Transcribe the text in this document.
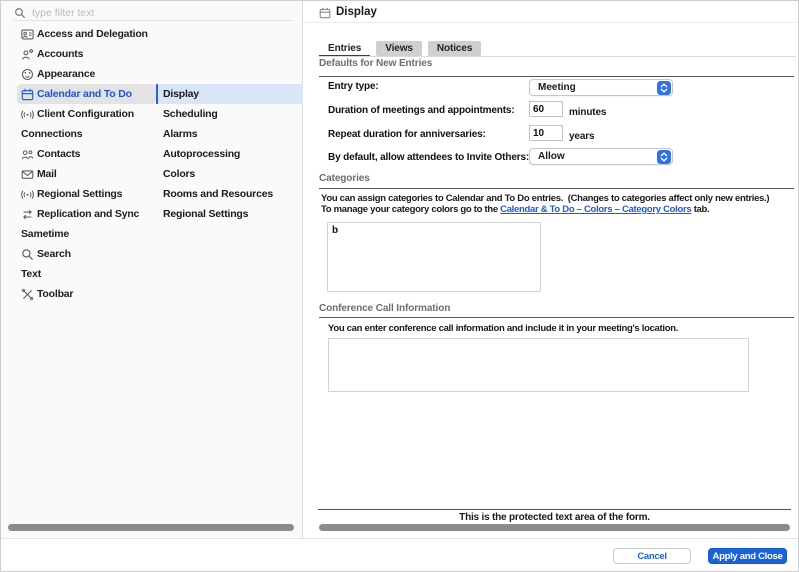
type filter text
Access and Delegation
Accounts
Appearance
Calendar and To Do
Client Configuration
Connections
Contacts
Mail
Regional Settings
Replication and Sync
Sametime
Search
Text
Toolbar
Display
Scheduling
Alarms
Autoprocessing
Colors
Rooms and Resources
Regional Settings
Display
Entries	Views	Notices
Defaults for New Entries
Entry type:	Meeting
Duration of meetings and appointments:
60	minutes
Repeat duration for anniversaries:
10	years
By default, allow attendees to Invite Others: Allow
Categories
You can assign categories to Calendar and To Do entries.  (Changes to categories affect only new entries.)
To manage your category colors go to the Calendar & To Do – Colors – Category Colors tab.
b
Conference Call Information
You can enter conference call information and include it in your meeting's location.
This is the protected text area of the form.
Cancel	Apply and Close
